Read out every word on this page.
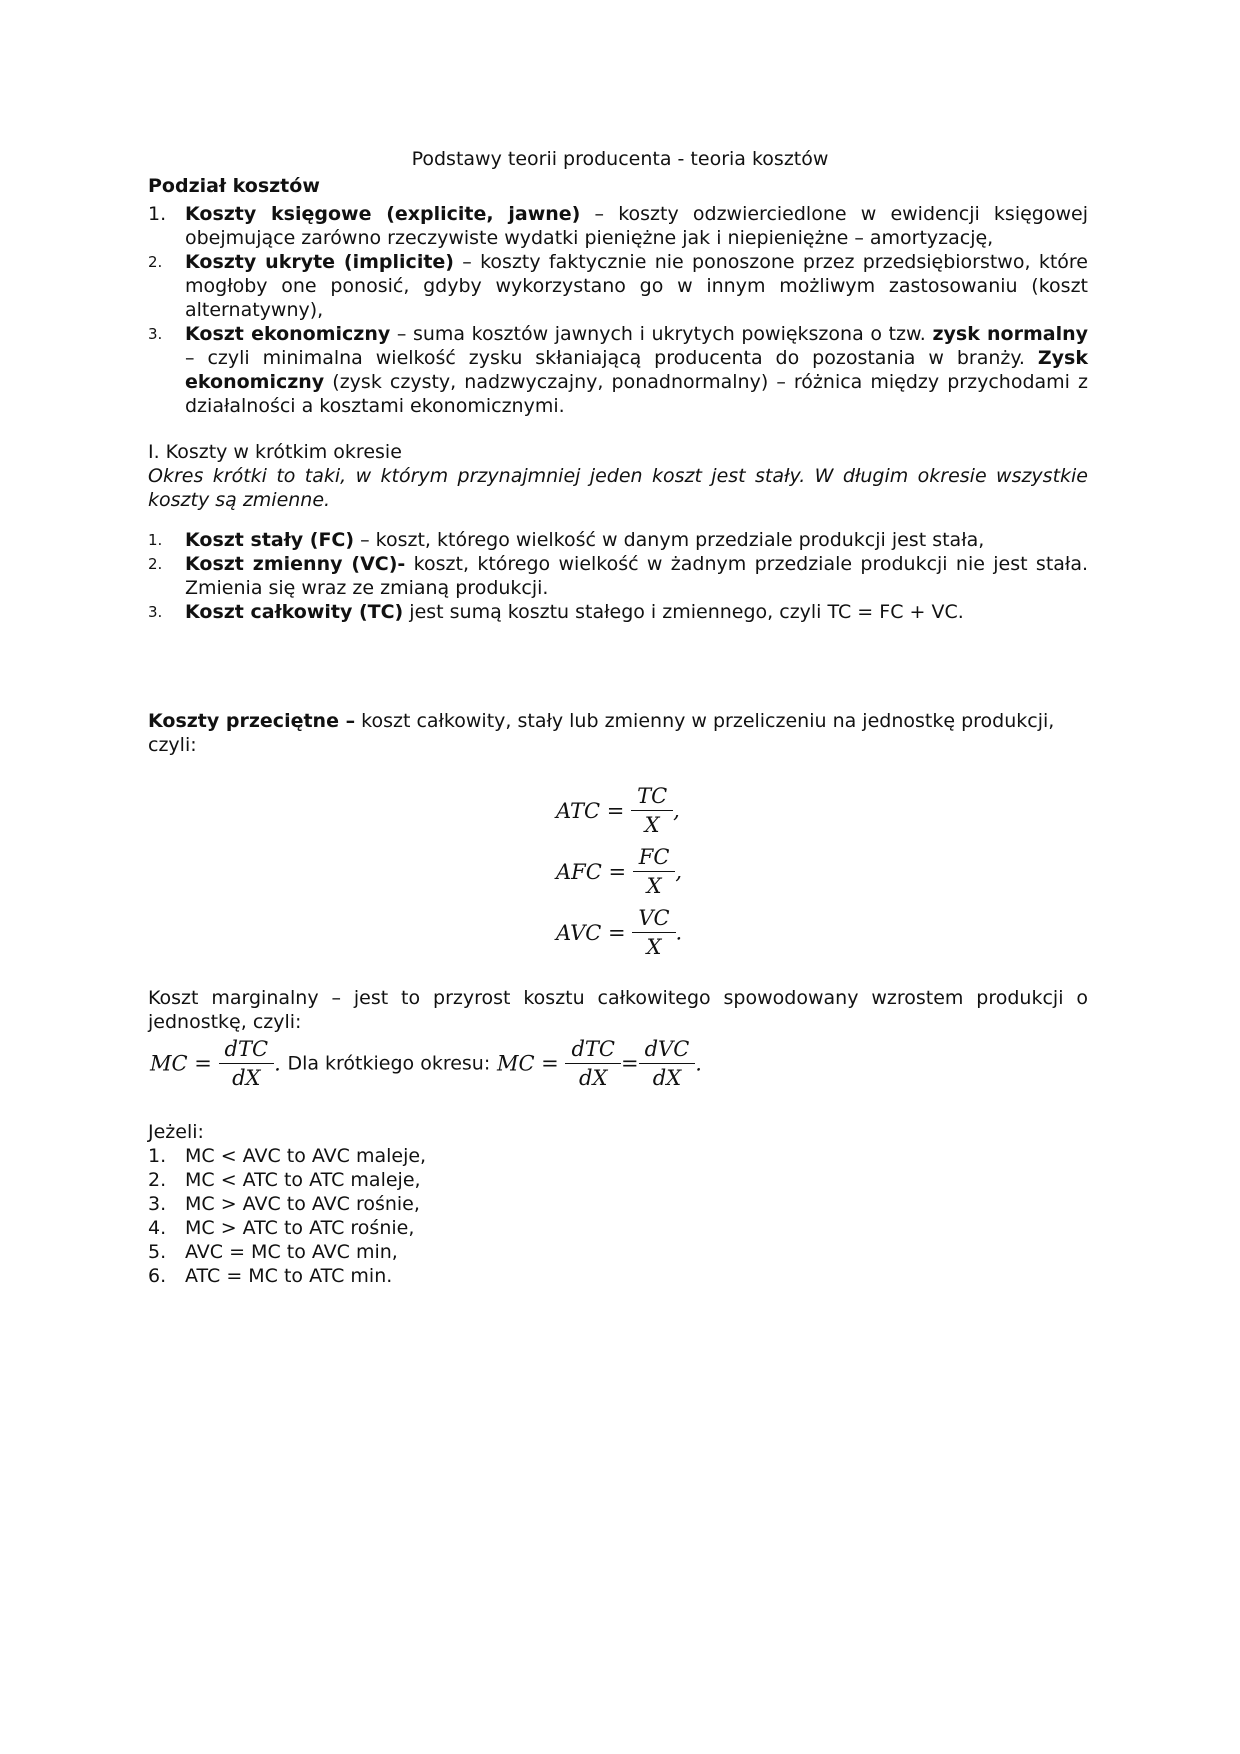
Podstawy teorii producenta - teoria kosztów
Podział kosztów
1. Koszty księgowe (explicite, jawne) – koszty odzwierciedlone w ewidencji księgowej obejmujące zarówno rzeczywiste wydatki pieniężne jak i niepieniężne – amortyzację,
2. Koszty ukryte (implicite) – koszty faktycznie nie ponoszone przez przedsiębiorstwo, które mogłoby one ponosić, gdyby wykorzystano go w innym możliwym zastosowaniu (koszt alternatywny),
3. Koszt ekonomiczny – suma kosztów jawnych i ukrytych powiększona o tzw. zysk normalny – czyli minimalna wielkość zysku skłaniającą producenta do pozostania w branży. Zysk ekonomiczny (zysk czysty, nadzwyczajny, ponadnormalny) – różnica między przychodami z działalności a kosztami ekonomicznymi.
I. Koszty w krótkim okresie
Okres krótki to taki, w którym przynajmniej jeden koszt jest stały. W długim okresie wszystkie koszty są zmienne.
1. Koszt stały (FC) – koszt, którego wielkość w danym przedziale produkcji jest stała,
2. Koszt zmienny (VC)- koszt, którego wielkość w żadnym przedziale produkcji nie jest stała. Zmienia się wraz ze zmianą produkcji.
3. Koszt całkowity (TC) jest sumą kosztu stałego i zmiennego, czyli TC = FC + VC.
Koszty przeciętne – koszt całkowity, stały lub zmienny w przeliczeniu na jednostkę produkcji, czyli:
ATC = $\frac{TC}{X}$ ,
AFC = $\frac{FC}{X}$ ,
AVC = $\frac{VC}{X}$ .
Koszt marginalny – jest to przyrost kosztu całkowitego spowodowany wzrostem produkcji o jednostkę, czyli:
MC = $\frac{\text{dTC}}{dX}$ . Dla krótkiego okresu: MC = $\frac{\text{dTC}}{dX} = \frac{\text{dVC}}{dX}$ .
Jeżeli:
1. MC < AVC to AVC maleje,
2. MC < ATC to ATC maleje,
3. MC > AVC to AVC rośnie,
4. MC > ATC to ATC rośnie,
5. AVC = MC to AVC min,
6. ATC = MC to ATC min.
